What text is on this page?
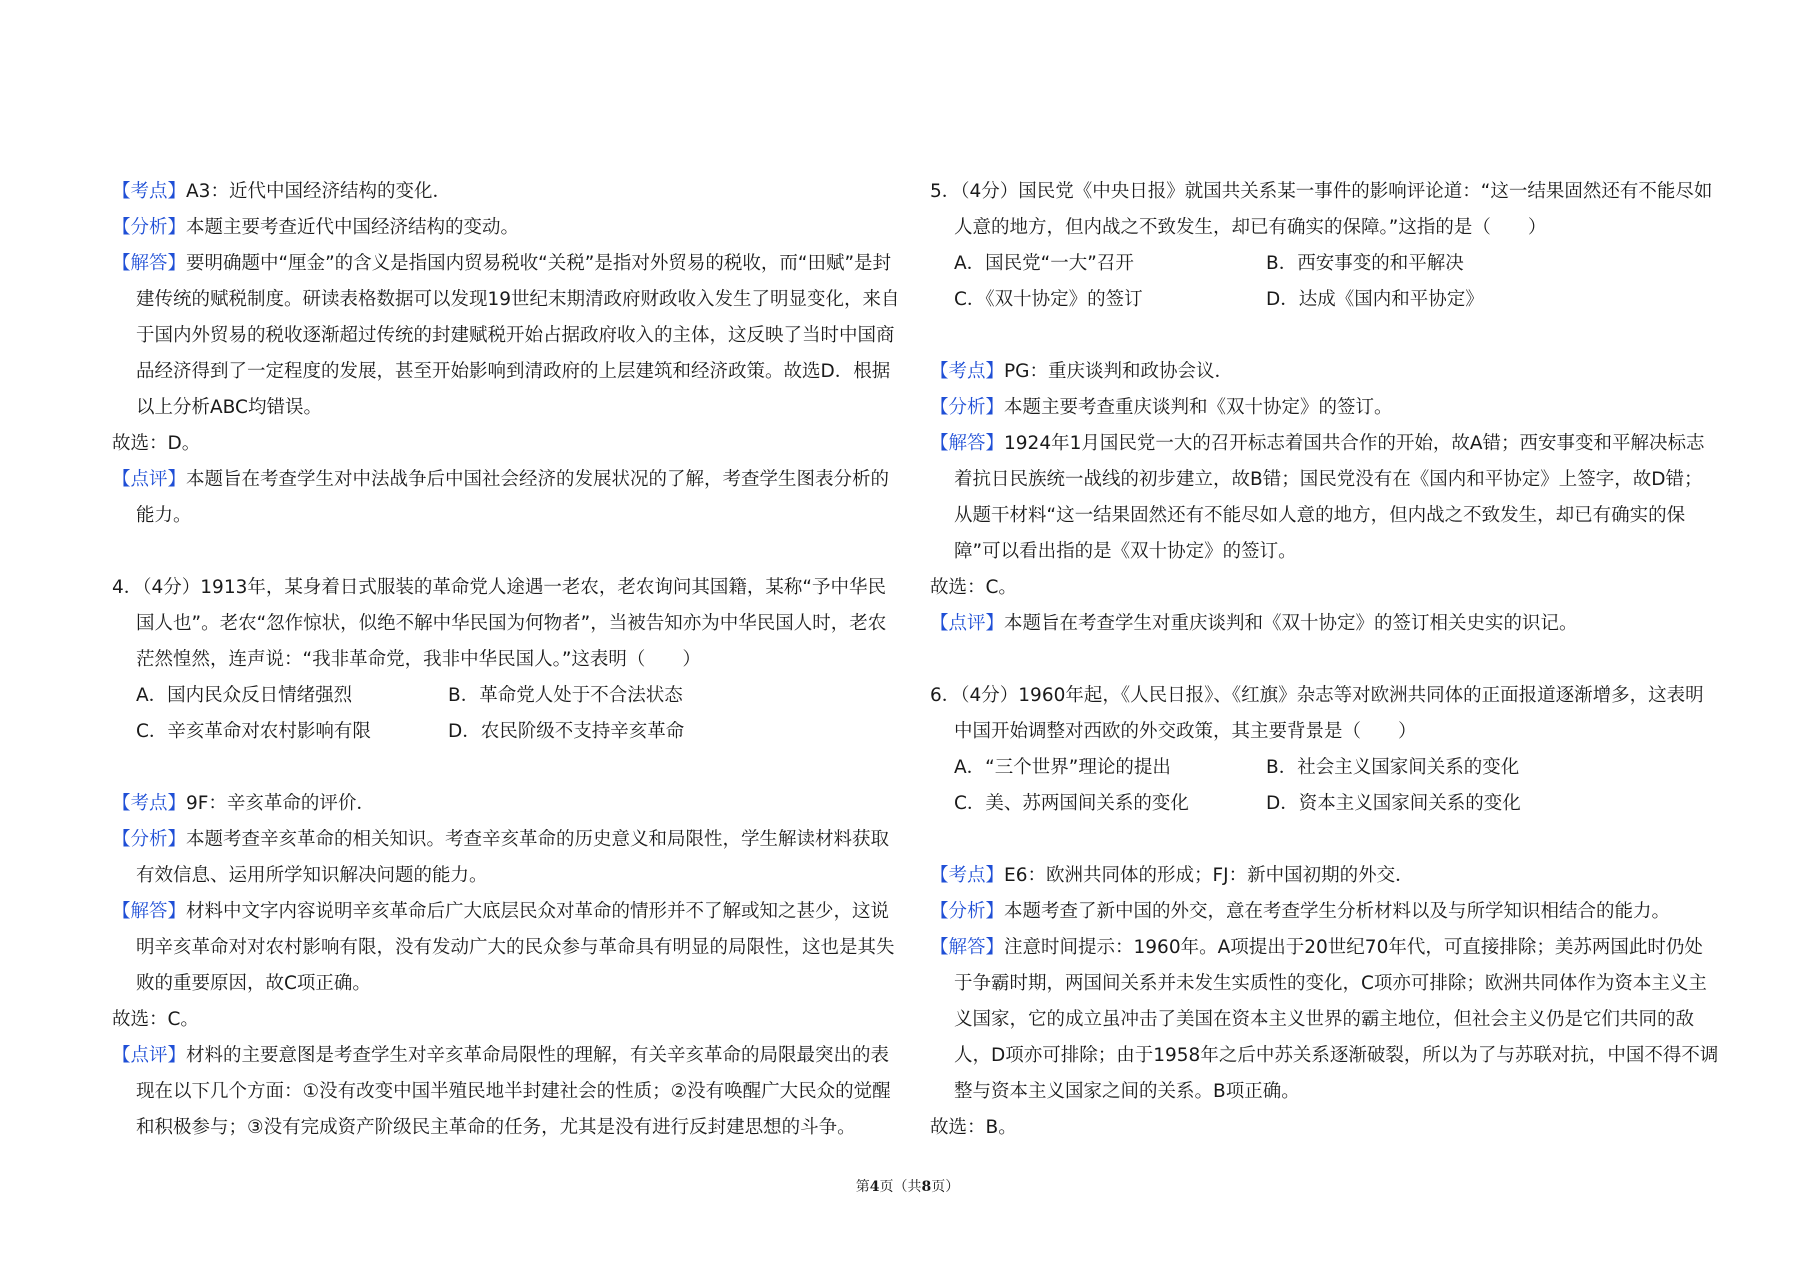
【考点】A3：近代中国经济结构的变化．

【分析】本题主要考查近代中国经济结构的变动。

【解答】要明确题中“厘金”的含义是指国内贸易税收“关税”是指对外贸易的税收，而“田赋”是封建传统的赋税制度。研读表格数据可以发现19世纪末期清政府财政收入发生了明显变化，来自于国内外贸易的税收逐渐超过传统的封建赋税开始占据政府收入的主体，这反映了当时中国商品经济得到了一定程度的发展，甚至开始影响到清政府的上层建筑和经济政策。故选D．根据以上分析ABC均错误。

故选：D。

【点评】本题旨在考查学生对中法战争后中国社会经济的发展状况的了解，考查学生图表分析的能力。

4．（4分）1913年，某身着日式服装的革命党人途遇一老农，老农询问其国籍，某称“予中华民国人也”。老农“忽作惊状，似绝不解中华民国为何物者”，当被告知亦为中华民国人时，老农茫然惶然，连声说：“我非革命党，我非中华民国人。”这表明（　　）

A．国内民众反日情绪强烈	B．革命党人处于不合法状态

C．辛亥革命对农村影响有限	D．农民阶级不支持辛亥革命

【考点】9F：辛亥革命的评价．

【分析】本题考查辛亥革命的相关知识。考查辛亥革命的历史意义和局限性，学生解读材料获取有效信息、运用所学知识解决问题的能力。

【解答】材料中文字内容说明辛亥革命后广大底层民众对革命的情形并不了解或知之甚少，这说明辛亥革命对对农村影响有限，没有发动广大的民众参与革命具有明显的局限性，这也是其失败的重要原因，故C项正确。

故选：C。

【点评】材料的主要意图是考查学生对辛亥革命局限性的理解，有关辛亥革命的局限最突出的表现在以下几个方面：①没有改变中国半殖民地半封建社会的性质；②没有唤醒广大民众的觉醒和积极参与；③没有完成资产阶级民主革命的任务，尤其是没有进行反封建思想的斗争。

5．（4分）国民党《中央日报》就国共关系某一事件的影响评论道：“这一结果固然还有不能尽如人意的地方，但内战之不致发生，却已有确实的保障。”这指的是（　　）

A．国民党“一大”召开	B．西安事变的和平解决

C．《双十协定》的签订	D．达成《国内和平协定》

【考点】PG：重庆谈判和政协会议．

【分析】本题主要考查重庆谈判和《双十协定》的签订。

【解答】1924年1月国民党一大的召开标志着国共合作的开始，故A错；西安事变和平解决标志着抗日民族统一战线的初步建立，故B错；国民党没有在《国内和平协定》上签字，故D错；从题干材料“这一结果固然还有不能尽如人意的地方，但内战之不致发生，却已有确实的保障”可以看出指的是《双十协定》的签订。

故选：C。

【点评】本题旨在考查学生对重庆谈判和《双十协定》的签订相关史实的识记。

6．（4分）1960年起，《人民日报》、《红旗》杂志等对欧洲共同体的正面报道逐渐增多，这表明中国开始调整对西欧的外交政策，其主要背景是（　　）

A．“三个世界”理论的提出	B．社会主义国家间关系的变化

C．美、苏两国间关系的变化	D．资本主义国家间关系的变化

【考点】E6：欧洲共同体的形成；FJ：新中国初期的外交．

【分析】本题考查了新中国的外交，意在考查学生分析材料以及与所学知识相结合的能力。

【解答】注意时间提示：1960年。A项提出于20世纪70年代，可直接排除；美苏两国此时仍处于争霸时期，两国间关系并未发生实质性的变化，C项亦可排除；欧洲共同体作为资本主义主义国家，它的成立虽冲击了美国在资本主义世界的霸主地位，但社会主义仍是它们共同的敌人，D项亦可排除；由于1958年之后中苏关系逐渐破裂，所以为了与苏联对抗，中国不得不调整与资本主义国家之间的关系。B项正确。

故选：B。

第4页（共8页）
